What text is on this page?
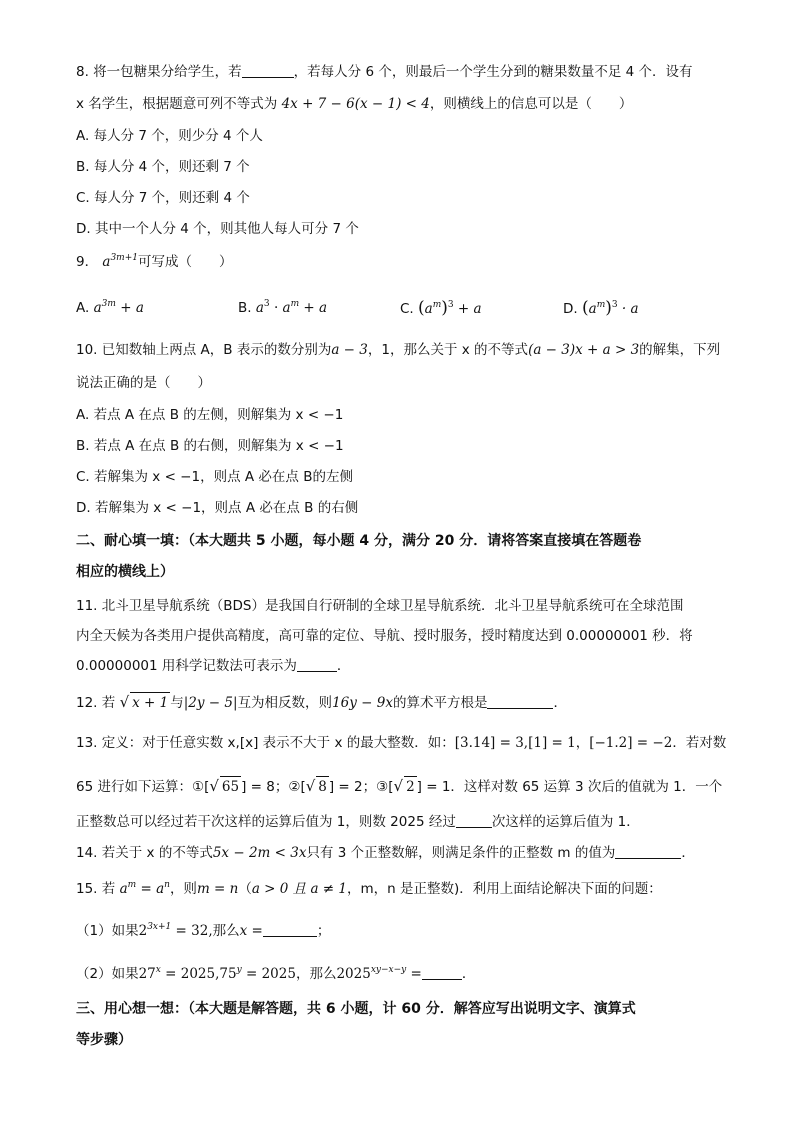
8. 将一包糖果分给学生，若	，若每人分 6 个，则最后一个学生分到的糖果数量不足 4 个．设有
x 名学生，根据题意可列不等式为 4x + 7 − 6(x − 1) < 4，则横线上的信息可以是（　　）
A. 每人分 7 个，则少分 4 个人
B. 每人分 4 个，则还剩 7 个
C. 每人分 7 个，则还剩 4 个
D. 其中一个人分 4 个，则其他人每人可分 7 个
9． $a^{3m+1}$可写成（　　）
A. $a^{3m} + a$	B. $a^3 \cdot a^m + a$	C. $(a^m)^3 + a$	D. $(a^m)^3 \cdot a$
10. 已知数轴上两点 A，B 表示的数分别为a − 3，1，那么关于 x 的不等式(a − 3)x + a > 3的解集，下列
说法正确的是（　　）
A. 若点 A 在点 B 的左侧，则解集为 x < −1
B. 若点 A 在点 B 的右侧，则解集为 x < −1
C. 若解集为 x < −1，则点 A 必在点 B的左侧
D. 若解集为 x < −1，则点 A 必在点 B 的右侧
二、耐心填一填：（本大题共 5 小题，每小题 4 分，满分 20 分．请将答案直接填在答题卷
相应的横线上）
11. 北斗卫星导航系统（BDS）是我国自行研制的全球卫星导航系统．北斗卫星导航系统可在全球范围
内全天候为各类用户提供高精度，高可靠的定位、导航、授时服务，授时精度达到 0.00000001 秒．将
0.00000001 用科学记数法可表示为	．
12. 若 √ x + 1 与|2y − 5|互为相反数，则16y − 9x的算术平方根是	．
13. 定义：对于任意实数 x,[x] 表示不大于 x 的最大整数．如：[3.14] = 3,[1] = 1，[−1.2] = −2．若对数
65 进行如下运算：①[√ 65 ] = 8；②[√ 8 ] = 2；③[√ 2 ] = 1．这样对数 65 运算 3 次后的值就为 1．一个
正整数总可以经过若干次这样的运算后值为 1，则数 2025 经过	次这样的运算后值为 1．
14. 若关于 x 的不等式5x − 2m < 3x只有 3 个正整数解，则满足条件的正整数 m 的值为	．
15. 若 $a^m = a^n$，则m = n（a > 0 且 a ≠ 1，m，n 是正整数)．利用上面结论解决下面的问题：
（1）如果$2^{3x+1} = 32$,那么x =	；
（2）如果$27^x = 2025,75^y = 2025$，那么$2025^{xy-x-y}$ =	．
三、用心想一想：（本大题是解答题，共 6 小题，计 60 分．解答应写出说明文字、演算式
等步骤）
